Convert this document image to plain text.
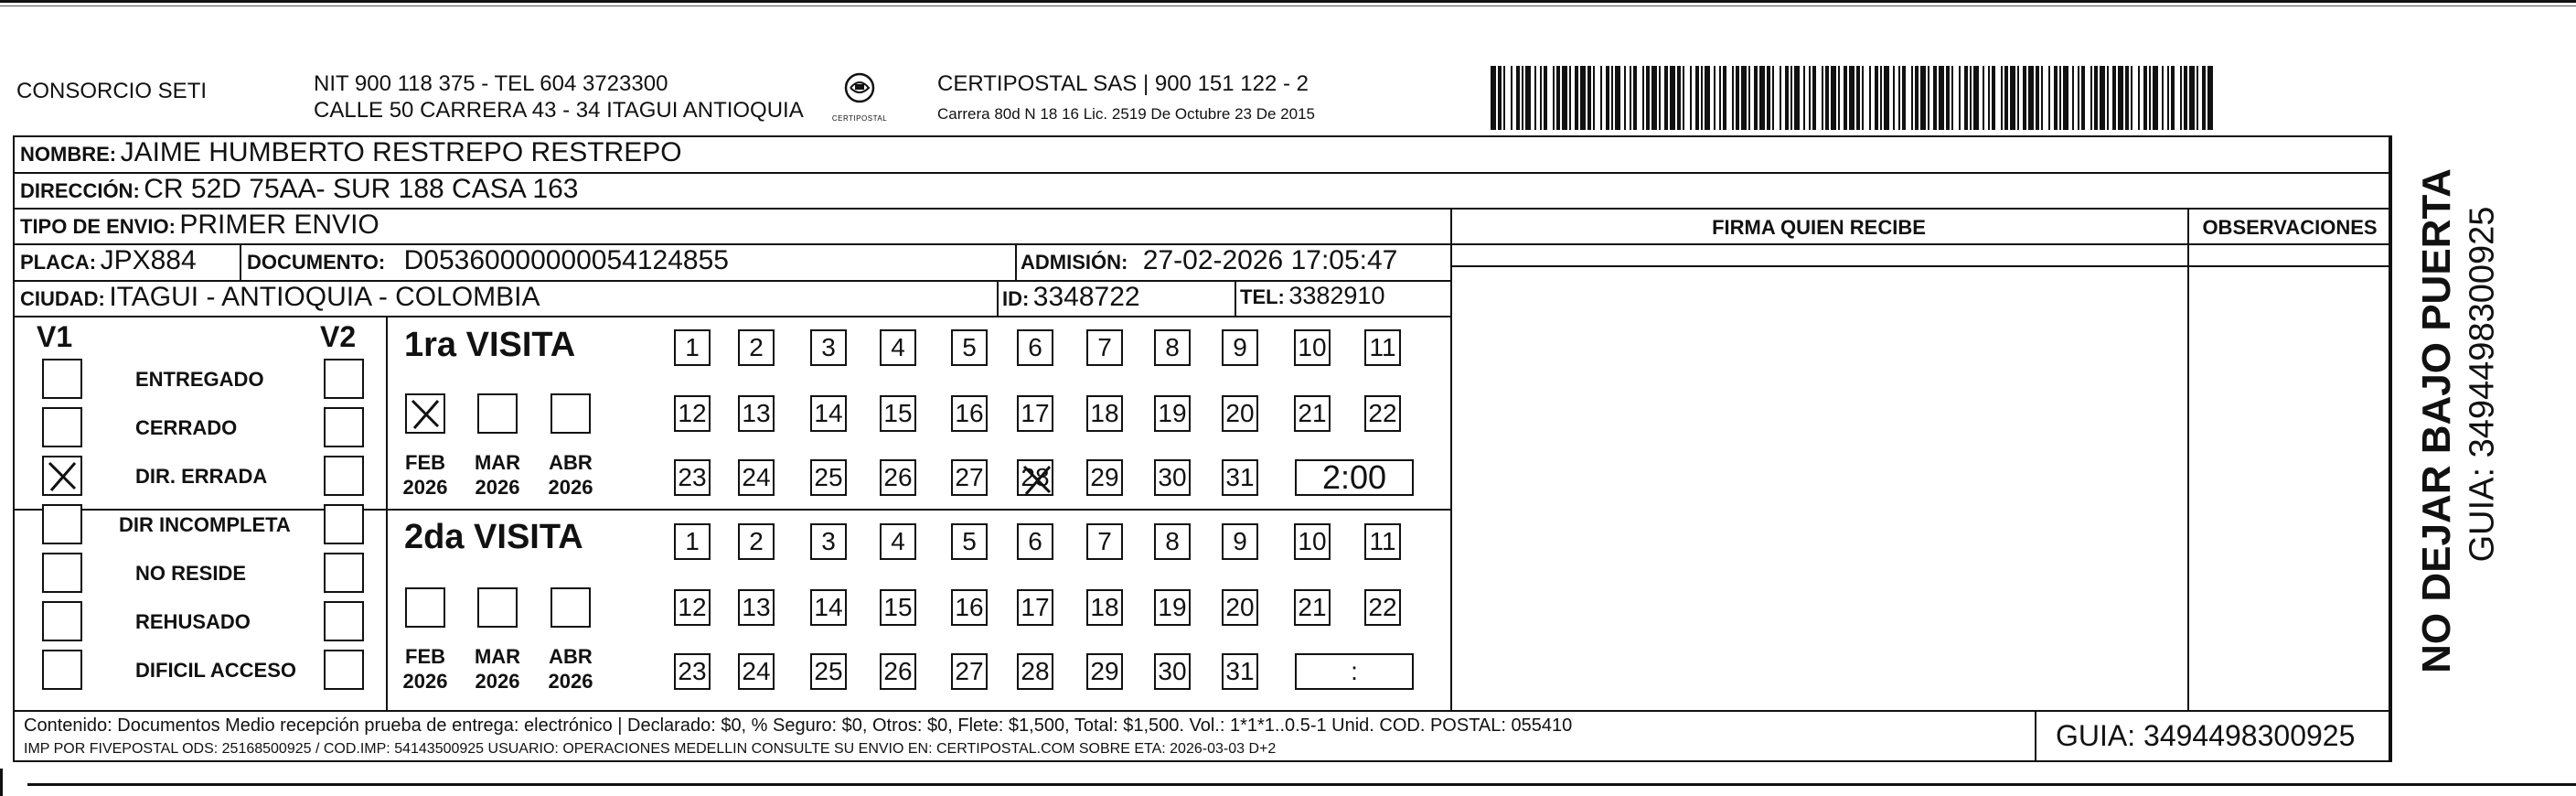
CONSORCIO SETI	NIT 900 118 375 - TEL 604 3723300
CALLE 50 CARRERA 43 - 34 ITAGUI ANTIOQUIA	CERTIPOSTAL
CERTIPOSTAL SAS | 900 151 122 - 2
Carrera 80d N 18 16 Lic. 2519 De Octubre 23 De 2015
NOMBRE: JAIME HUMBERTO RESTREPO RESTREPO
DIRECCIÓN: CR 52D 75AA- SUR 188 CASA 163
TIPO DE ENVIO: PRIMER ENVIO	FIRMA QUIEN RECIBE	OBSERVACIONES
PLACA: JPX884	DOCUMENTO: D05360000000054124855	ADMISIÓN: 27-02-2026 17:05:47
CIUDAD: ITAGUI - ANTIOQUIA - COLOMBIA	ID: 3348722	TEL: 3382910
V1	V2
ENTREGADO
CERRADO
DIR. ERRADA
DIR INCOMPLETA
NO RESIDE
REHUSADO
DIFICIL ACCESO
1ra VISITA
2da VISITA
1	2	3	4	5	6	7	8	9	10 11
12 13 14 15 16 17 18 19 20 21 22
23 24 25 26 27 28 29 30 31	2:00
FEB
2026
MAR
2026
ABR
2026
1	2	3	4	5	6	7	8	9	10 11
12 13 14 15 16 17 18 19 20 21 22
23 24 25 26 27 28 29 30 31	:
FEB
2026
MAR
2026
ABR
2026
GUIA: 3494498300925
NO DEJAR BAJO PUERTA
Contenido: Documentos Medio recepción prueba de entrega: electrónico | Declarado: $0, % Seguro: $0, Otros: $0, Flete: $1,500, Total: $1,500. Vol.: 1*1*1..0.5-1 Unid. COD. POSTAL: 055410
IMP POR FIVEPOSTAL ODS: 25168500925 / COD.IMP: 54143500925 USUARIO: OPERACIONES MEDELLIN CONSULTE SU ENVIO EN: CERTIPOSTAL.COM SOBRE ETA: 2026-03-03 D+2	GUIA: 3494498300925
